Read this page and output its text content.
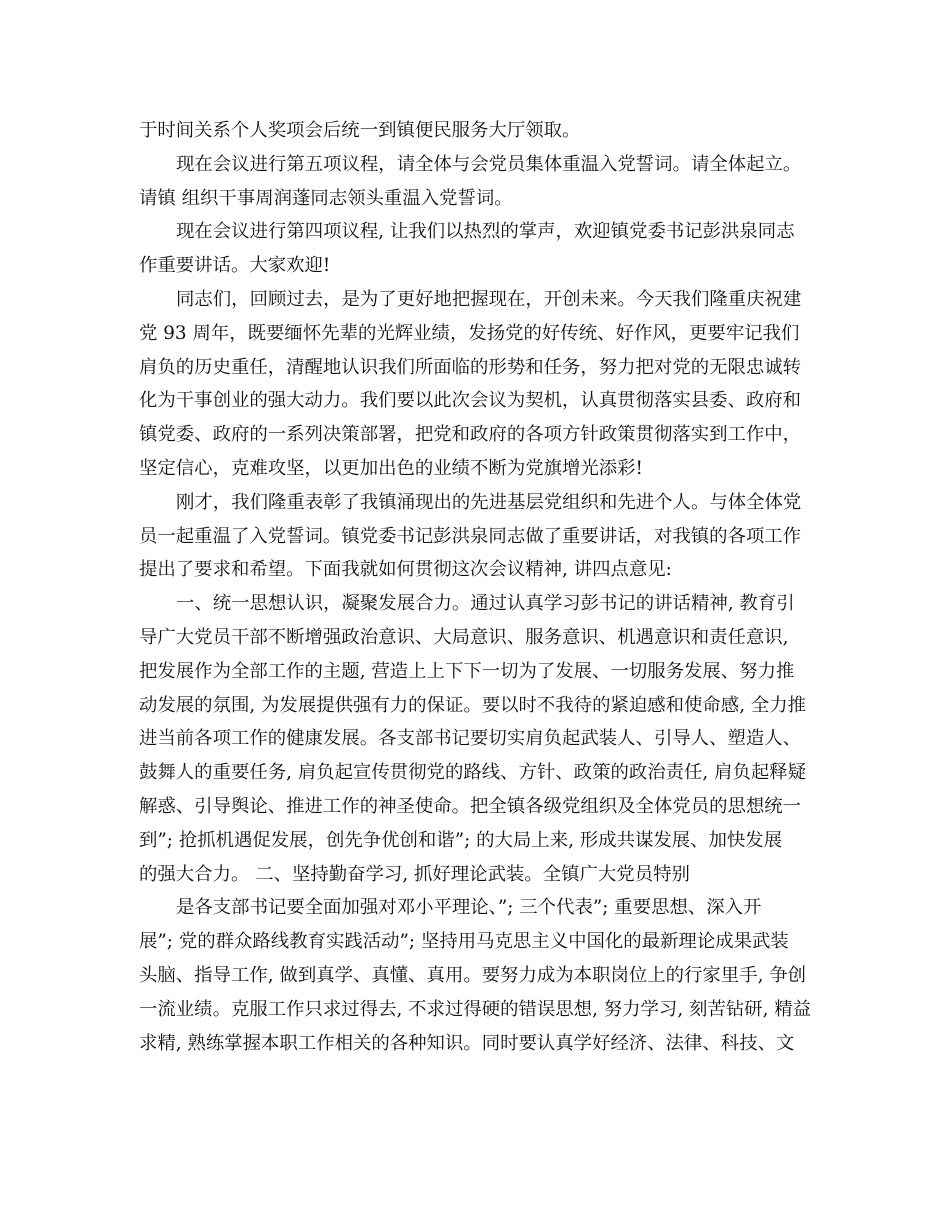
于时间关系个人奖项会后统一到镇便民服务大厅领取。
现在会议进行第五项议程，请全体与会党员集体重温入党誓词。请全体起立。
请镇 组织干事周润蓬同志领头重温入党誓词。
现在会议进行第四项议程, 让我们以热烈的掌声，欢迎镇党委书记彭洪泉同志
作重要讲话。大家欢迎!
同志们，回顾过去，是为了更好地把握现在，开创未来。今天我们隆重庆祝建
党 93 周年，既要缅怀先辈的光辉业绩，发扬党的好传统、好作风，更要牢记我们
肩负的历史重任，清醒地认识我们所面临的形势和任务，努力把对党的无限忠诚转
化为干事创业的强大动力。我们要以此次会议为契机，认真贯彻落实县委、政府和
镇党委、政府的一系列决策部署，把党和政府的各项方针政策贯彻落实到工作中，
坚定信心，克难攻坚，以更加出色的业绩不断为党旗增光添彩!
刚才，我们隆重表彰了我镇涌现出的先进基层党组织和先进个人。与体全体党
员一起重温了入党誓词。镇党委书记彭洪泉同志做了重要讲话，对我镇的各项工作
提出了要求和希望。下面我就如何贯彻这次会议精神, 讲四点意见:
一、统一思想认识，凝聚发展合力。通过认真学习彭书记的讲话精神, 教育引
导广大党员干部不断增强政治意识、大局意识、服务意识、机遇意识和责任意识,
把发展作为全部工作的主题, 营造上上下下一切为了发展、一切服务发展、努力推
动发展的氛围, 为发展提供强有力的保证。要以时不我待的紧迫感和使命感, 全力推
进当前各项工作的健康发展。各支部书记要切实肩负起武装人、引导人、塑造人、
鼓舞人的重要任务, 肩负起宣传贯彻党的路线、方针、政策的政治责任, 肩负起释疑
解惑、引导舆论、推进工作的神圣使命。把全镇各级党组织及全体党员的思想统一
到”; 抢抓机遇促发展，创先争优创和谐”; 的大局上来, 形成共谋发展、加快发展
的强大合力。 二、坚持勤奋学习, 抓好理论武装。全镇广大党员特别
是各支部书记要全面加强对邓小平理论、”; 三个代表”; 重要思想、深入开
展”; 党的群众路线教育实践活动”; 坚持用马克思主义中国化的最新理论成果武装
头脑、指导工作, 做到真学、真懂、真用。要努力成为本职岗位上的行家里手, 争创
一流业绩。克服工作只求过得去, 不求过得硬的错误思想, 努力学习, 刻苦钻研, 精益
求精, 熟练掌握本职工作相关的各种知识。同时要认真学好经济、法律、科技、文
